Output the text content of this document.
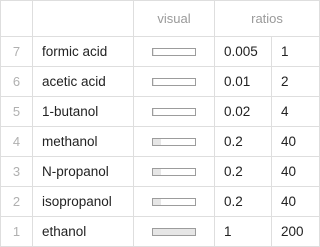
		visual	ratios	
7	formic acid		0.005	1
6	acetic acid		0.01	2
5	1-butanol		0.02	4
4	methanol		0.2	40
3	N-propanol		0.2	40
2	isopropanol		0.2	40
1	ethanol		1	200
